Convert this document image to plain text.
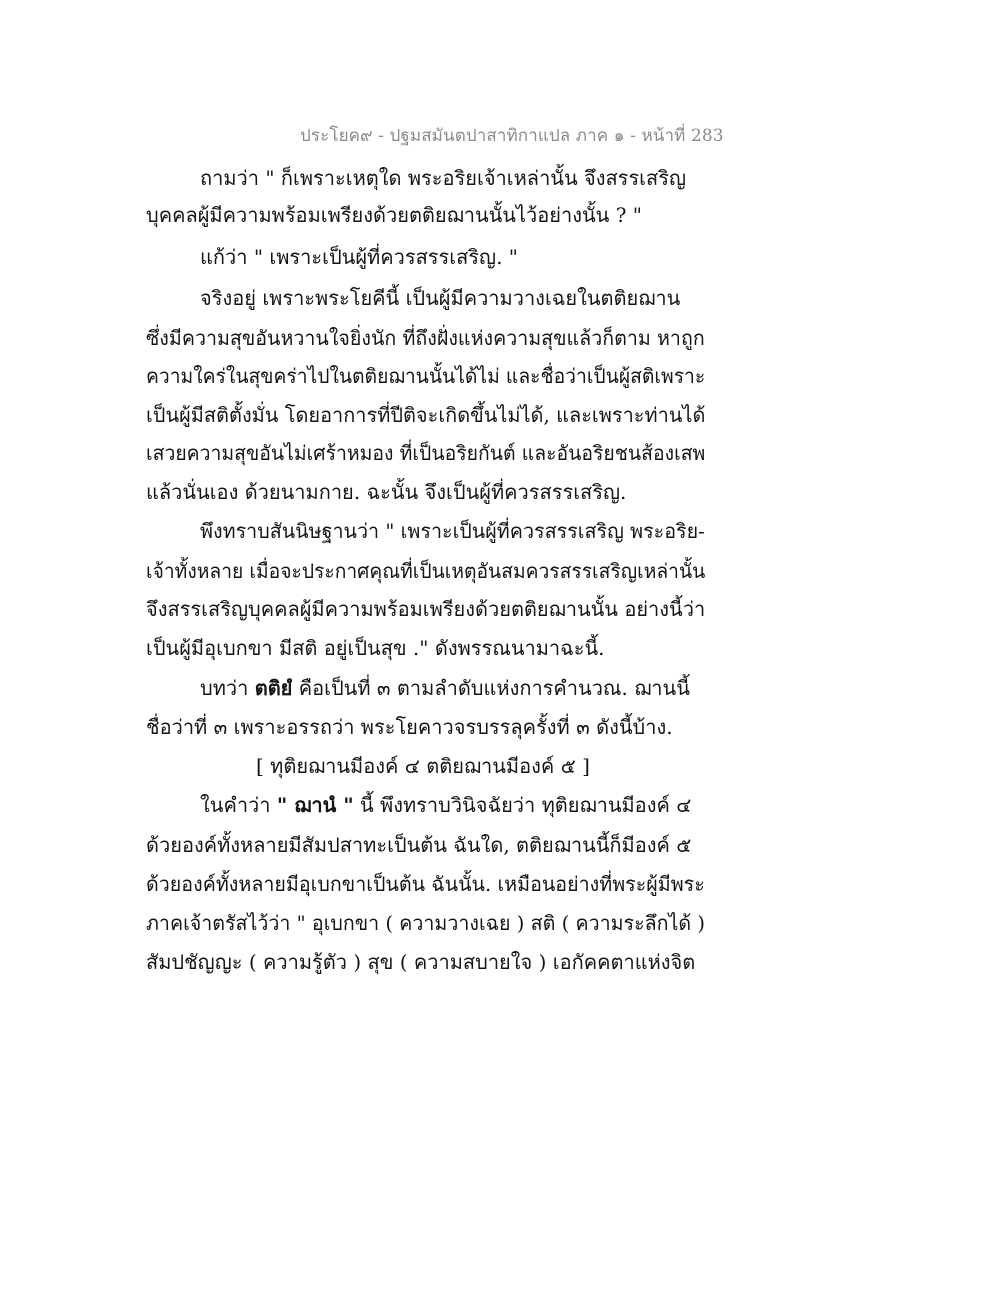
ประโยค๙ - ปฐมสมันตปาสาทิกาแปล ภาค ๑ - หน้าที่ 283
ถามว่า " ก็เพราะเหตุใด พระอริยเจ้าเหล่านั้น จึงสรรเสริญ
บุคคลผู้มีความพร้อมเพรียงด้วยตติยฌานนั้นไว้อย่างนั้น ? "
แก้ว่า " เพราะเป็นผู้ที่ควรสรรเสริญ. "
จริงอยู่ เพราะพระโยคีนี้ เป็นผู้มีความวางเฉยในตติยฌาน
ซึ่งมีความสุขอันหวานใจยิ่งนัก ที่ถึงฝั่งแห่งความสุขแล้วก็ตาม หาถูก
ความใคร่ในสุขคร่าไปในตติยฌานนั้นได้ไม่ และชื่อว่าเป็นผู้สติเพราะ
เป็นผู้มีสติตั้งมั่น โดยอาการที่ปีติจะเกิดขึ้นไม่ได้, และเพราะท่านได้
เสวยความสุขอันไม่เศร้าหมอง ที่เป็นอริยกันต์ และอันอริยชนส้องเสพ
แล้วนั่นเอง ด้วยนามกาย. ฉะนั้น จึงเป็นผู้ที่ควรสรรเสริญ.
พึงทราบสันนิษฐานว่า " เพราะเป็นผู้ที่ควรสรรเสริญ พระอริย-
เจ้าทั้งหลาย เมื่อจะประกาศคุณที่เป็นเหตุอันสมควรสรรเสริญเหล่านั้น
จึงสรรเสริญบุคคลผู้มีความพร้อมเพรียงด้วยตติยฌานนั้น อย่างนี้ว่า
เป็นผู้มีอุเบกขา มีสติ อยู่เป็นสุข ." ดังพรรณนามาฉะนี้.
บทว่า ตติยํ คือเป็นที่ ๓ ตามลำดับแห่งการคำนวณ. ฌานนี้
ชื่อว่าที่ ๓ เพราะอรรถว่า พระโยคาวจรบรรลุครั้งที่ ๓ ดังนี้บ้าง.
[ ทุติยฌานมีองค์ ๔ ตติยฌานมีองค์ ๕ ]
ในคำว่า " ฌานํ " นี้ พึงทราบวินิจฉัยว่า ทุติยฌานมีองค์ ๔
ด้วยองค์ทั้งหลายมีสัมปสาทะเป็นต้น ฉันใด, ตติยฌานนี้ก็มีองค์ ๕
ด้วยองค์ทั้งหลายมีอุเบกขาเป็นต้น ฉันนั้น. เหมือนอย่างที่พระผู้มีพระ
ภาคเจ้าตรัสไว้ว่า " อุเบกขา ( ความวางเฉย ) สติ ( ความระลึกได้ )
สัมปชัญญะ ( ความรู้ตัว ) สุข ( ความสบายใจ ) เอกัคคตาแห่งจิต
